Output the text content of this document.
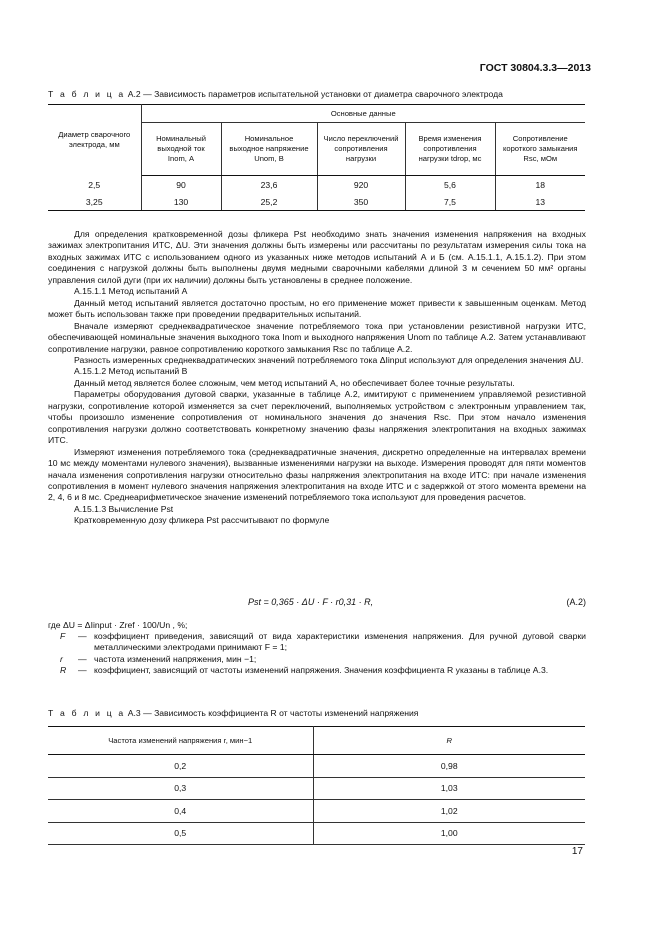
ГОСТ 30804.3.3—2013
Т а б л и ц а А.2 — Зависимость параметров испытательной установки от диаметра сварочного электрода
Диаметр сварочного электрода, мм	Основные данные				
	Номинальный выходной ток Inom, А	Номинальное выходное напряжение Unom, В	Число переключений сопротивления нагрузки	Время изменения сопротивления нагрузки tdrop, мс	Сопротивление короткого замыкания Rsc, мОм

2,5	90	23,6	920	5,6	18
3,25	130	25,2	350	7,5	13

Для определения кратковременной дозы фликера Pst необходимо знать значения изменения напряжения на входных зажимах электропитания ИТС, ΔU. Эти значения должны быть измерены или рассчитаны по результатам измерения силы тока на входных зажимах ИТС с использованием одного из указанных ниже методов испытаний А и Б (см. А.15.1.1, А.15.1.2). При этом соединения с нагрузкой должны быть выполнены двумя медными сварочными кабелями длиной 3 м сечением 50 мм² органы управления силой дуги (при их наличии) должны быть установлены в среднее положение.

А.15.1.1 Метод испытаний А

Данный метод испытаний является достаточно простым, но его применение может привести к завышенным оценкам. Метод может быть использован также при проведении предварительных испытаний.

Вначале измеряют среднеквадратическое значение потребляемого тока при установлении резистивной нагрузки ИТС, обеспечивающей номинальные значения выходного тока Inom и выходного напряжения Unom по таблице А.2. Затем устанавливают сопротивление нагрузки, равное сопротивлению короткого замыкания Rsc по таблице А.2.

Разность измеренных среднеквадратических значений потребляемого тока ΔIinput используют для определения значения ΔU.

А.15.1.2 Метод испытаний В

Данный метод является более сложным, чем метод испытаний А, но обеспечивает более точные результаты.

Параметры оборудования дуговой сварки, указанные в таблице А.2, имитируют с применением управляемой резистивной нагрузки, сопротивление которой изменяется за счет переключений, выполняемых устройством с электронным управлением так, чтобы произошло изменение сопротивления от номинального значения до значения Rsc. При этом начало изменения сопротивления нагрузки должно соответствовать конкретному значению фазы напряжения электропитания на входных зажимах ИТС.

Измеряют изменения потребляемого тока (среднеквадратичные значения, дискретно определенные на интервалах времени 10 мс между моментами нулевого значения), вызванные изменениями нагрузки на выходе. Измерения проводят для пяти моментов начала изменения сопротивления нагрузки относительно фазы напряжения электропитания на входе ИТС: при начале изменения сопротивления в момент нулевого значения напряжения электропитания на входе ИТС и с задержкой от этого момента времени на 2, 4, 6 и 8 мс. Среднеарифметическое значение изменений потребляемого тока используют для проведения расчетов.

А.15.1.3 Вычисление Pst

Кратковременную дозу фликера Pst рассчитывают по формуле

Pst = 0,365 · ΔU · F · r0,31 · R,	(А.2)
где ΔU = ΔIinput · Zref · 100/Un , %;
F	— коэффициент приведения, зависящий от вида характеристики изменения напряжения. Для ручной дуговой сварки металлическими электродами принимают F = 1;
r	— частота изменений напряжения, мин −1;
R	— коэффициент, зависящий от частоты изменений напряжения. Значения коэффициента R указаны в таблице А.3.
Т а б л и ц а А.3 — Зависимость коэффициента R от частоты изменений напряжения
Частота изменений напряжения r, мин−1	R
0,2	0,98
0,3	1,03
0,4	1,02
0,5	1,00
17
